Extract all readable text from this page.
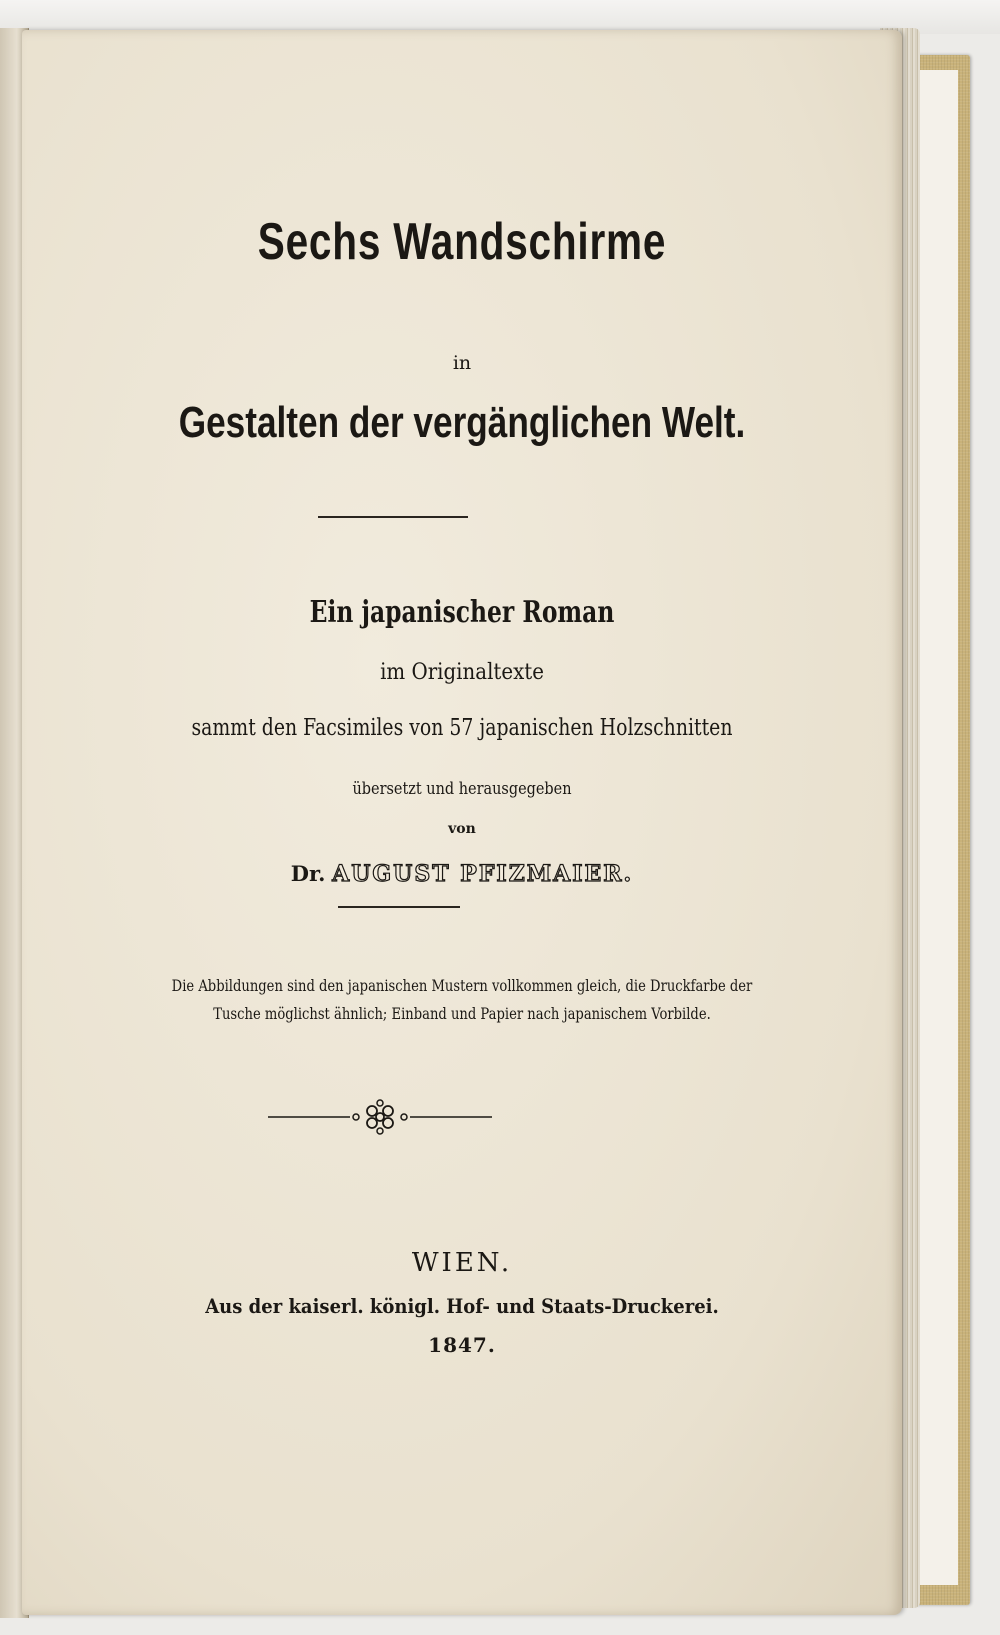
Sechs Wandschirme
in
Gestalten der vergänglichen Welt.
Ein japanischer Roman
im Originaltexte
sammt den Facsimiles von 57 japanischen Holzschnitten
übersetzt und herausgegeben
von
Dr. AUGUST PFIZMAIER.
Die Abbildungen sind den japanischen Mustern vollkommen gleich, die Druckfarbe der
Tusche möglichst ähnlich; Einband und Papier nach japanischem Vorbilde.
WIEN.
Aus der kaiserl. königl. Hof- und Staats-Druckerei.
1847.
